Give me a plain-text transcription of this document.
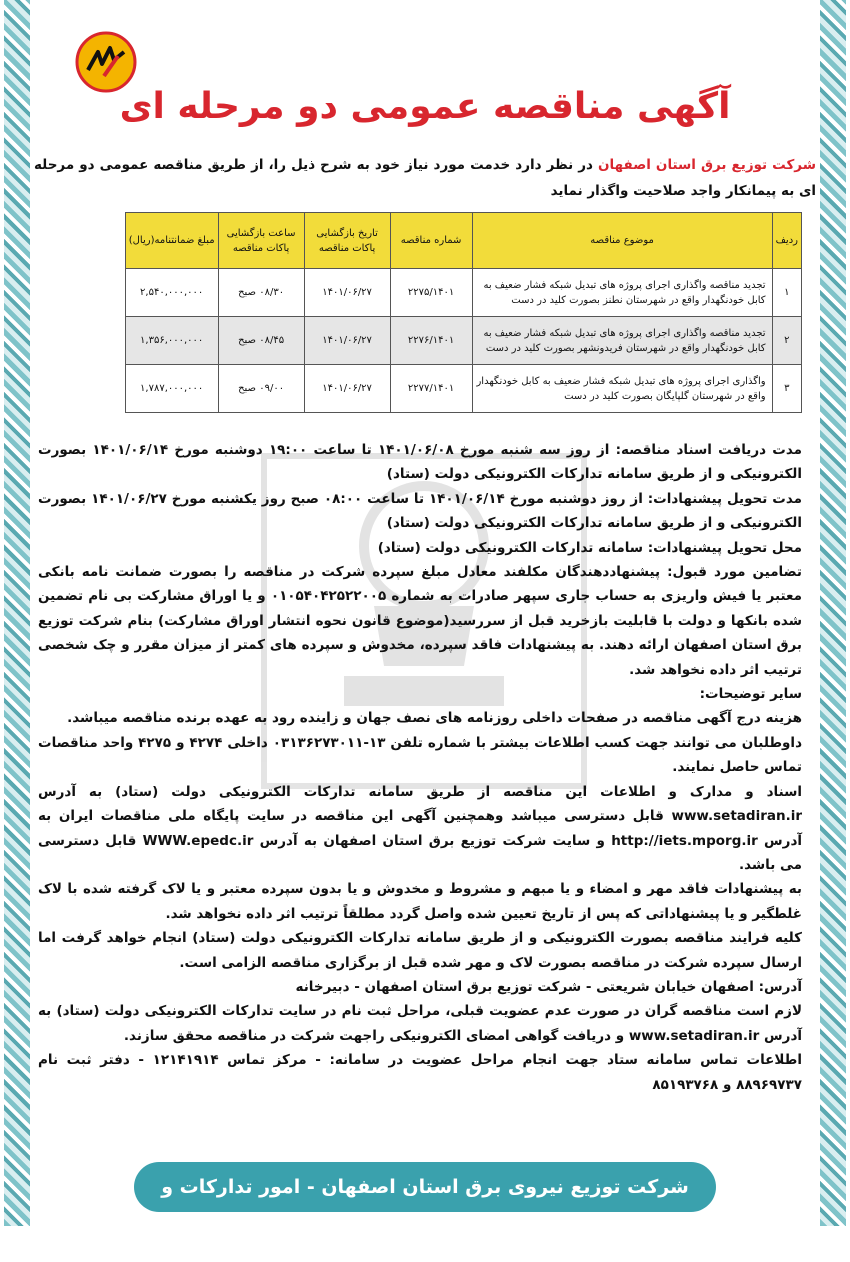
آگهی مناقصه عمومی دو مرحله ای
شرکت توزیع برق استان اصفهان در نظر دارد خدمت مورد نیاز خود به شرح ذیل را، از طریق مناقصه عمومی دو مرحله ای به پیمانکار واجد صلاحیت واگذار نماید
ردیف	موضوع مناقصه	شماره مناقصه	تاریخ بازگشایی پاکات مناقصه	ساعت بازگشایی پاکات مناقصه	مبلغ ضمانتنامه(ریال)
۱	تجدید مناقصه واگذاری اجرای پروژه های تبدیل شبکه فشار ضعیف به کابل خودنگهدار واقع در شهرستان نطنز بصورت کلید در دست	۲۲۷۵/۱۴۰۱	۱۴۰۱/۰۶/۲۷	۰۸/۳۰ صبح	۲,۵۴۰,۰۰۰,۰۰۰
۲	تجدید مناقصه واگذاری اجرای پروژه های تبدیل شبکه فشار ضعیف به کابل خودنگهدار واقع در شهرستان فریدونشهر بصورت کلید در دست	۲۲۷۶/۱۴۰۱	۱۴۰۱/۰۶/۲۷	۰۸/۴۵ صبح	۱,۳۵۶,۰۰۰,۰۰۰
۳	واگذاری اجرای پروژه های تبدیل شبکه فشار ضعیف به کابل خودنگهدار واقع در شهرستان گلپایگان بصورت کلید در دست	۲۲۷۷/۱۴۰۱	۱۴۰۱/۰۶/۲۷	۰۹/۰۰ صبح	۱,۷۸۷,۰۰۰,۰۰۰

مدت دریافت اسناد مناقصه: از روز سه شنبه مورخ ۱۴۰۱/۰۶/۰۸ تا ساعت ۱۹:۰۰ دوشنبه مورخ ۱۴۰۱/۰۶/۱۴ بصورت الکترونیکی و از طریق سامانه تدارکات الکترونیکی دولت (ستاد)

مدت تحویل پیشنهادات: از روز دوشنبه مورخ ۱۴۰۱/۰۶/۱۴ تا ساعت ۰۸:۰۰ صبح روز یکشنبه مورخ ۱۴۰۱/۰۶/۲۷ بصورت الکترونیکی و از طریق سامانه تدارکات الکترونیکی دولت (ستاد)

محل تحویل پیشنهادات: سامانه تدارکات الکترونیکی دولت (ستاد)

تضامین مورد قبول: پیشنهاددهندگان مکلفند معادل مبلغ سپرده شرکت در مناقصه را بصورت ضمانت نامه بانکی معتبر یا فیش واریزی به حساب جاری سپهر صادرات به شماره ۰۱۰۵۴۰۴۲۵۲۲۰۰۵ و یا اوراق مشارکت بی نام تضمین شده بانکها و دولت با قابلیت بازخرید قبل از سررسید(موضوع قانون نحوه انتشار اوراق مشارکت) بنام شرکت توزیع برق استان اصفهان ارائه دهند. به پیشنهادات فاقد سپرده، مخدوش و سپرده های کمتر از میزان مقرر و چک شخصی ترتیب اثر داده نخواهد شد.

سایر توضیحات:

هزینه درج آگهی مناقصه در صفحات داخلی روزنامه های نصف جهان و زاینده رود به عهده برنده مناقصه میباشد.

داوطلبان می توانند جهت کسب اطلاعات بیشتر با شماره تلفن ۱۳-۰۳۱۳۶۲۷۳۰۱۱ داخلی ۴۲۷۴ و ۴۲۷۵ واحد مناقصات تماس حاصل نمایند.

اسناد و مدارک و اطلاعات این مناقصه از طریق سامانه تدارکات الکترونیکی دولت (ستاد) به آدرس www.setadiran.ir قابل دسترسی میباشد وهمچنین آگهی این مناقصه در سایت پایگاه ملی مناقصات ایران به آدرس http://iets.mporg.ir و سایت شرکت توزیع برق استان اصفهان به آدرس WWW.epedc.ir قابل دسترسی می باشد.

به پیشنهادات فاقد مهر و امضاء و یا مبهم و مشروط و مخدوش و یا بدون سپرده معتبر و یا لاک گرفته شده با لاک غلطگیر و یا پیشنهاداتی که پس از تاریخ تعیین شده واصل گردد مطلقاً ترتیب اثر داده نخواهد شد.

کلیه فرایند مناقصه بصورت الکترونیکی و از طریق سامانه تدارکات الکترونیکی دولت (ستاد) انجام خواهد گرفت اما ارسال سپرده شرکت در مناقصه بصورت لاک و مهر شده قبل از برگزاری مناقصه الزامی است.

آدرس: اصفهان خیابان شریعتی - شرکت توزیع برق استان اصفهان - دبیرخانه

لازم است مناقصه گران در صورت عدم عضویت قبلی، مراحل ثبت نام در سایت تدارکات الکترونیکی دولت (ستاد) به آدرس www.setadiran.ir و دریافت گواهی امضای الکترونیکی راجهت شرکت در مناقصه محقق سازند.

اطلاعات تماس سامانه ستاد جهت انجام مراحل عضویت در سامانه: - مرکز تماس ۱۲۱۴۱۹۱۴ - دفتر ثبت نام ۸۸۹۶۹۷۳۷ و ۸۵۱۹۳۷۶۸

شرکت توزیع نیروی برق استان اصفهان - امور تدارکات و انبارها
